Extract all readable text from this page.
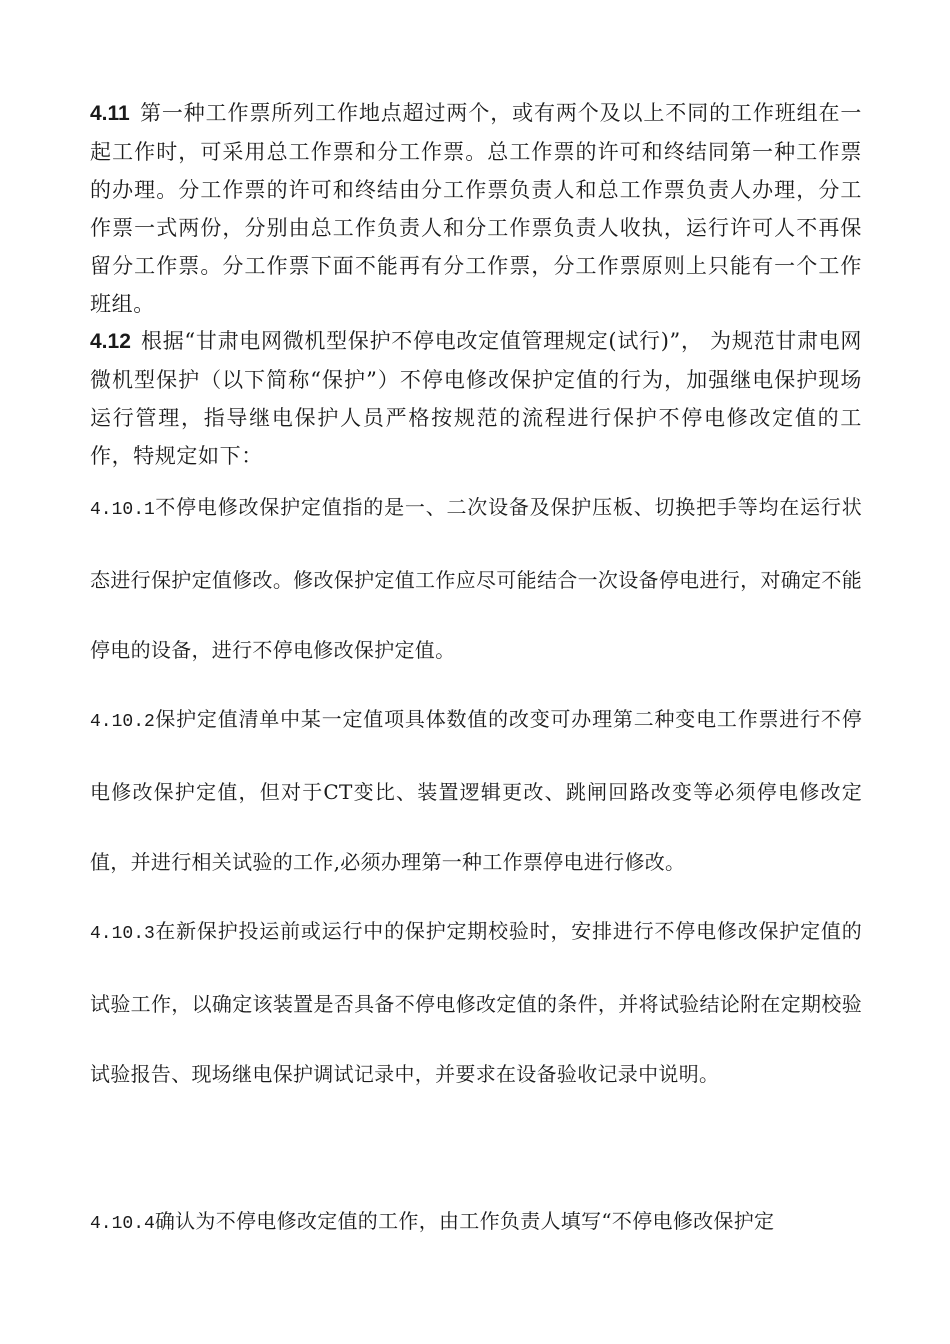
4.11 第一种工作票所列工作地点超过两个，或有两个及以上不同的工作班组在一起工作时，可采用总工作票和分工作票。总工作票的许可和终结同第一种工作票的办理。分工作票的许可和终结由分工作票负责人和总工作票负责人办理，分工作票一式两份，分别由总工作负责人和分工作票负责人收执，运行许可人不再保留分工作票。分工作票下面不能再有分工作票，分工作票原则上只能有一个工作班组。
4.12 根据“甘肃电网微机型保护不停电改定值管理规定(试行)”， 为规范甘肃电网微机型保护（以下简称“保护”）不停电修改保护定值的行为，加强继电保护现场运行管理，指导继电保护人员严格按规范的流程进行保护不停电修改定值的工作，特规定如下：
4.10.1不停电修改保护定值指的是一、二次设备及保护压板、切换把手等均在运行状态进行保护定值修改。修改保护定值工作应尽可能结合一次设备停电进行，对确定不能停电的设备，进行不停电修改保护定值。
4.10.2保护定值清单中某一定值项具体数值的改变可办理第二种变电工作票进行不停电修改保护定值，但对于CT变比、装置逻辑更改、跳闸回路改变等必须停电修改定值，并进行相关试验的工作,必须办理第一种工作票停电进行修改。
4.10.3在新保护投运前或运行中的保护定期校验时，安排进行不停电修改保护定值的试验工作，以确定该装置是否具备不停电修改定值的条件，并将试验结论附在定期校验试验报告、现场继电保护调试记录中，并要求在设备验收记录中说明。
4.10.4确认为不停电修改定值的工作，由工作负责人填写“不停电修改保护定
